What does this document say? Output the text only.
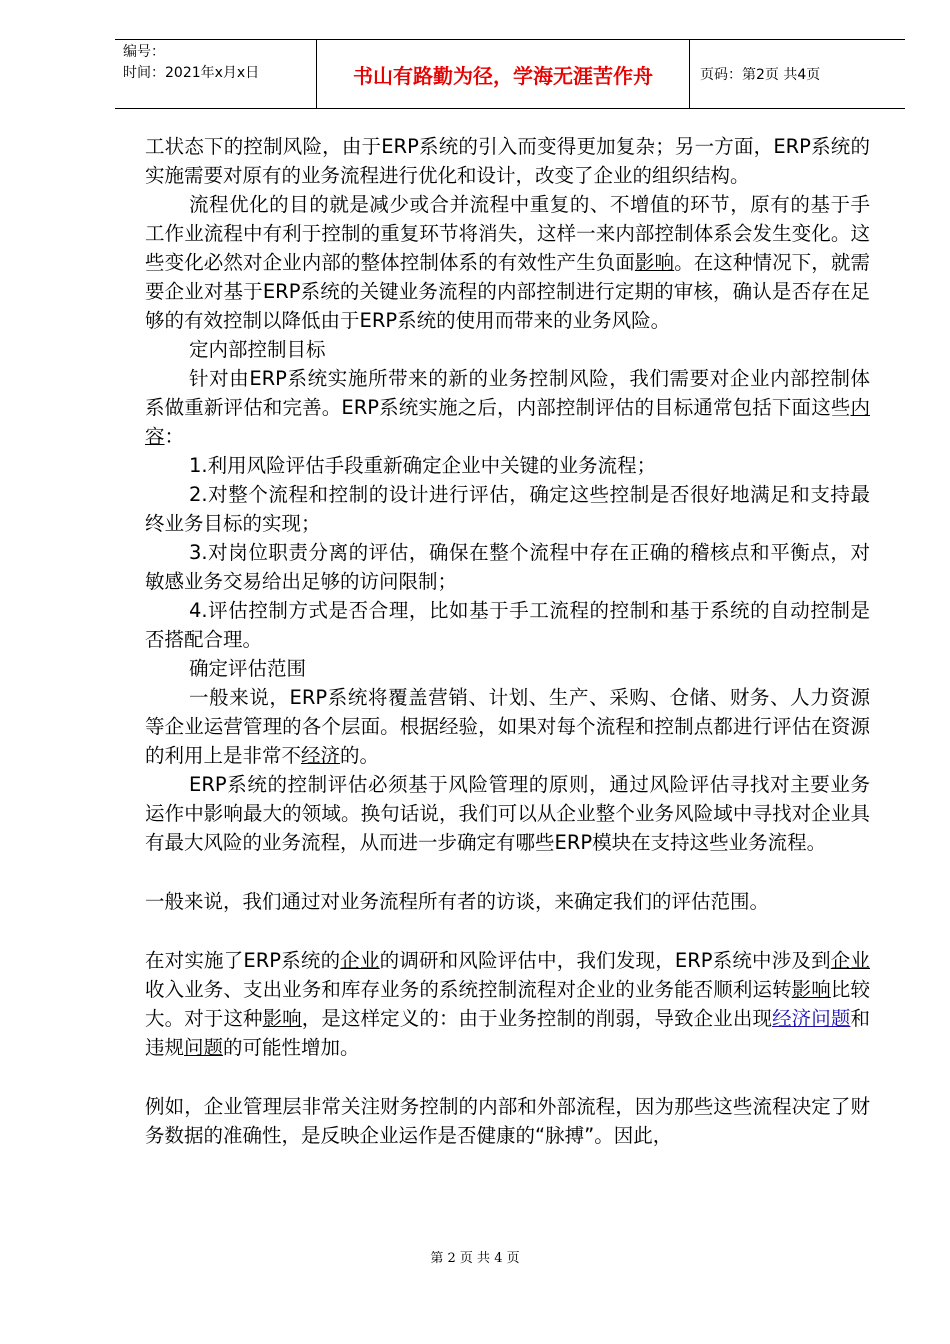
编号：
时间：2021年x月x日	书山有路勤为径，学海无涯苦作舟	页码：第2页 共4页

工状态下的控制风险，由于ERP系统的引入而变得更加复杂；另一方面，ERP系统的实施需要对原有的业务流程进行优化和设计，改变了企业的组织结构。

流程优化的目的就是减少或合并流程中重复的、不增值的环节，原有的基于手工作业流程中有利于控制的重复环节将消失，这样一来内部控制体系会发生变化。这些变化必然对企业内部的整体控制体系的有效性产生负面影响。在这种情况下，就需要企业对基于ERP系统的关键业务流程的内部控制进行定期的审核，确认是否存在足够的有效控制以降低由于ERP系统的使用而带来的业务风险。

定内部控制目标

针对由ERP系统实施所带来的新的业务控制风险，我们需要对企业内部控制体系做重新评估和完善。ERP系统实施之后，内部控制评估的目标通常包括下面这些内容：

1.利用风险评估手段重新确定企业中关键的业务流程；

2.对整个流程和控制的设计进行评估，确定这些控制是否很好地满足和支持最终业务目标的实现；

3.对岗位职责分离的评估，确保在整个流程中存在正确的稽核点和平衡点，对敏感业务交易给出足够的访问限制；

4.评估控制方式是否合理，比如基于手工流程的控制和基于系统的自动控制是否搭配合理。

确定评估范围

一般来说，ERP系统将覆盖营销、计划、生产、采购、仓储、财务、人力资源等企业运营管理的各个层面。根据经验，如果对每个流程和控制点都进行评估在资源的利用上是非常不经济的。

ERP系统的控制评估必须基于风险管理的原则，通过风险评估寻找对主要业务运作中影响最大的领域。换句话说，我们可以从企业整个业务风险域中寻找对企业具有最大风险的业务流程，从而进一步确定有哪些ERP模块在支持这些业务流程。

一般来说，我们通过对业务流程所有者的访谈，来确定我们的评估范围。

在对实施了ERP系统的企业的调研和风险评估中，我们发现，ERP系统中涉及到企业收入业务、支出业务和库存业务的系统控制流程对企业的业务能否顺利运转影响比较大。对于这种影响，是这样定义的：由于业务控制的削弱，导致企业出现经济问题和违规问题的可能性增加。

例如，企业管理层非常关注财务控制的内部和外部流程，因为那些这些流程决定了财务数据的准确性，是反映企业运作是否健康的“脉搏”。因此，

第 2 页 共 4 页
